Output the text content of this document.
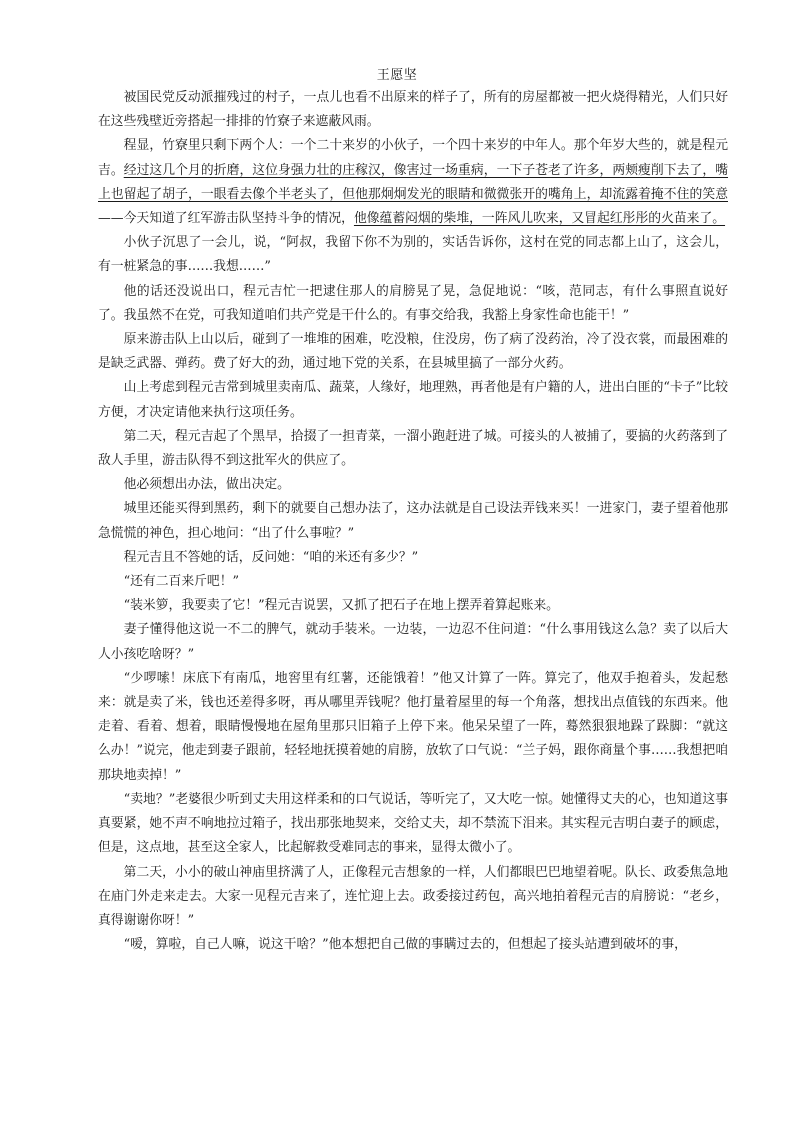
王愿坚

被国民党反动派摧残过的村子，一点儿也看不出原来的样子了，所有的房屋都被一把火烧得精光，人们只好在这些残壁近旁搭起一排排的竹寮子来遮蔽风雨。

程显，竹寮里只剩下两个人：一个二十来岁的小伙子，一个四十来岁的中年人。那个年岁大些的，就是程元吉。经过这几个月的折磨，这位身强力壮的庄稼汉，像害过一场重病，一下子苍老了许多，两颊瘦削下去了，嘴上也留起了胡子，一眼看去像个半老头了，但他那炯炯发光的眼睛和微微张开的嘴角上，却流露着掩不住的笑意——今天知道了红军游击队坚持斗争的情况，他像蕴蓄闷烟的柴堆，一阵风儿吹来，又冒起红彤彤的火苗来了。

小伙子沉思了一会儿，说，“阿叔，我留下你不为别的，实话告诉你，这村在党的同志都上山了，这会儿，有一桩紧急的事……我想……”

他的话还没说出口，程元吉忙一把逮住那人的肩膀晃了晃，急促地说：“咳，范同志，有什么事照直说好了。我虽然不在党，可我知道咱们共产党是干什么的。有事交给我，我豁上身家性命也能干！”

原来游击队上山以后，碰到了一堆堆的困难，吃没粮，住没房，伤了病了没药治，冷了没衣裳，而最困难的是缺乏武器、弹药。费了好大的劲，通过地下党的关系，在县城里搞了一部分火药。

山上考虑到程元吉常到城里卖南瓜、蔬菜，人缘好，地理熟，再者他是有户籍的人，进出白匪的“卡子”比较方便，才决定请他来执行这项任务。

第二天，程元吉起了个黑早，拾掇了一担青菜，一溜小跑赶进了城。可接头的人被捕了，要搞的火药落到了敌人手里，游击队得不到这批军火的供应了。

他必须想出办法，做出决定。

城里还能买得到黑药，剩下的就要自己想办法了，这办法就是自己设法弄钱来买！一进家门，妻子望着他那急慌慌的神色，担心地问：“出了什么事啦？”

程元吉且不答她的话，反问她：“咱的米还有多少？”

“还有二百来斤吧！”

“装米箩，我要卖了它！”程元吉说罢，又抓了把石子在地上摆弄着算起账来。

妻子懂得他这说一不二的脾气，就动手装米。一边装，一边忍不住问道：“什么事用钱这么急？卖了以后大人小孩吃啥呀？”

“少啰嗦！床底下有南瓜，地窖里有红薯，还能饿着！”他又计算了一阵。算完了，他双手抱着头，发起愁来：就是卖了米，钱也还差得多呀，再从哪里弄钱呢？他打量着屋里的每一个角落，想找出点值钱的东西来。他走着、看着、想着，眼睛慢慢地在屋角里那只旧箱子上停下来。他呆呆望了一阵，蓦然狠狠地跺了跺脚：“就这么办！”说完，他走到妻子跟前，轻轻地抚摸着她的肩膀，放软了口气说：“兰子妈，跟你商量个事……我想把咱那块地卖掉！”

“卖地？”老婆很少听到丈夫用这样柔和的口气说话，等听完了，又大吃一惊。她懂得丈夫的心，也知道这事真要紧，她不声不响地拉过箱子，找出那张地契来，交给丈夫，却不禁流下泪来。其实程元吉明白妻子的顾虑，但是，这点地，甚至这全家人，比起解救受难同志的事来，显得太微小了。

第二天，小小的破山神庙里挤满了人，正像程元吉想象的一样，人们都眼巴巴地望着呢。队长、政委焦急地在庙门外走来走去。大家一见程元吉来了，连忙迎上去。政委接过药包，高兴地拍着程元吉的肩膀说：“老乡，真得谢谢你呀！”

“嗳，算啦，自己人嘛，说这干啥？”他本想把自己做的事瞒过去的，但想起了接头站遭到破坏的事，
